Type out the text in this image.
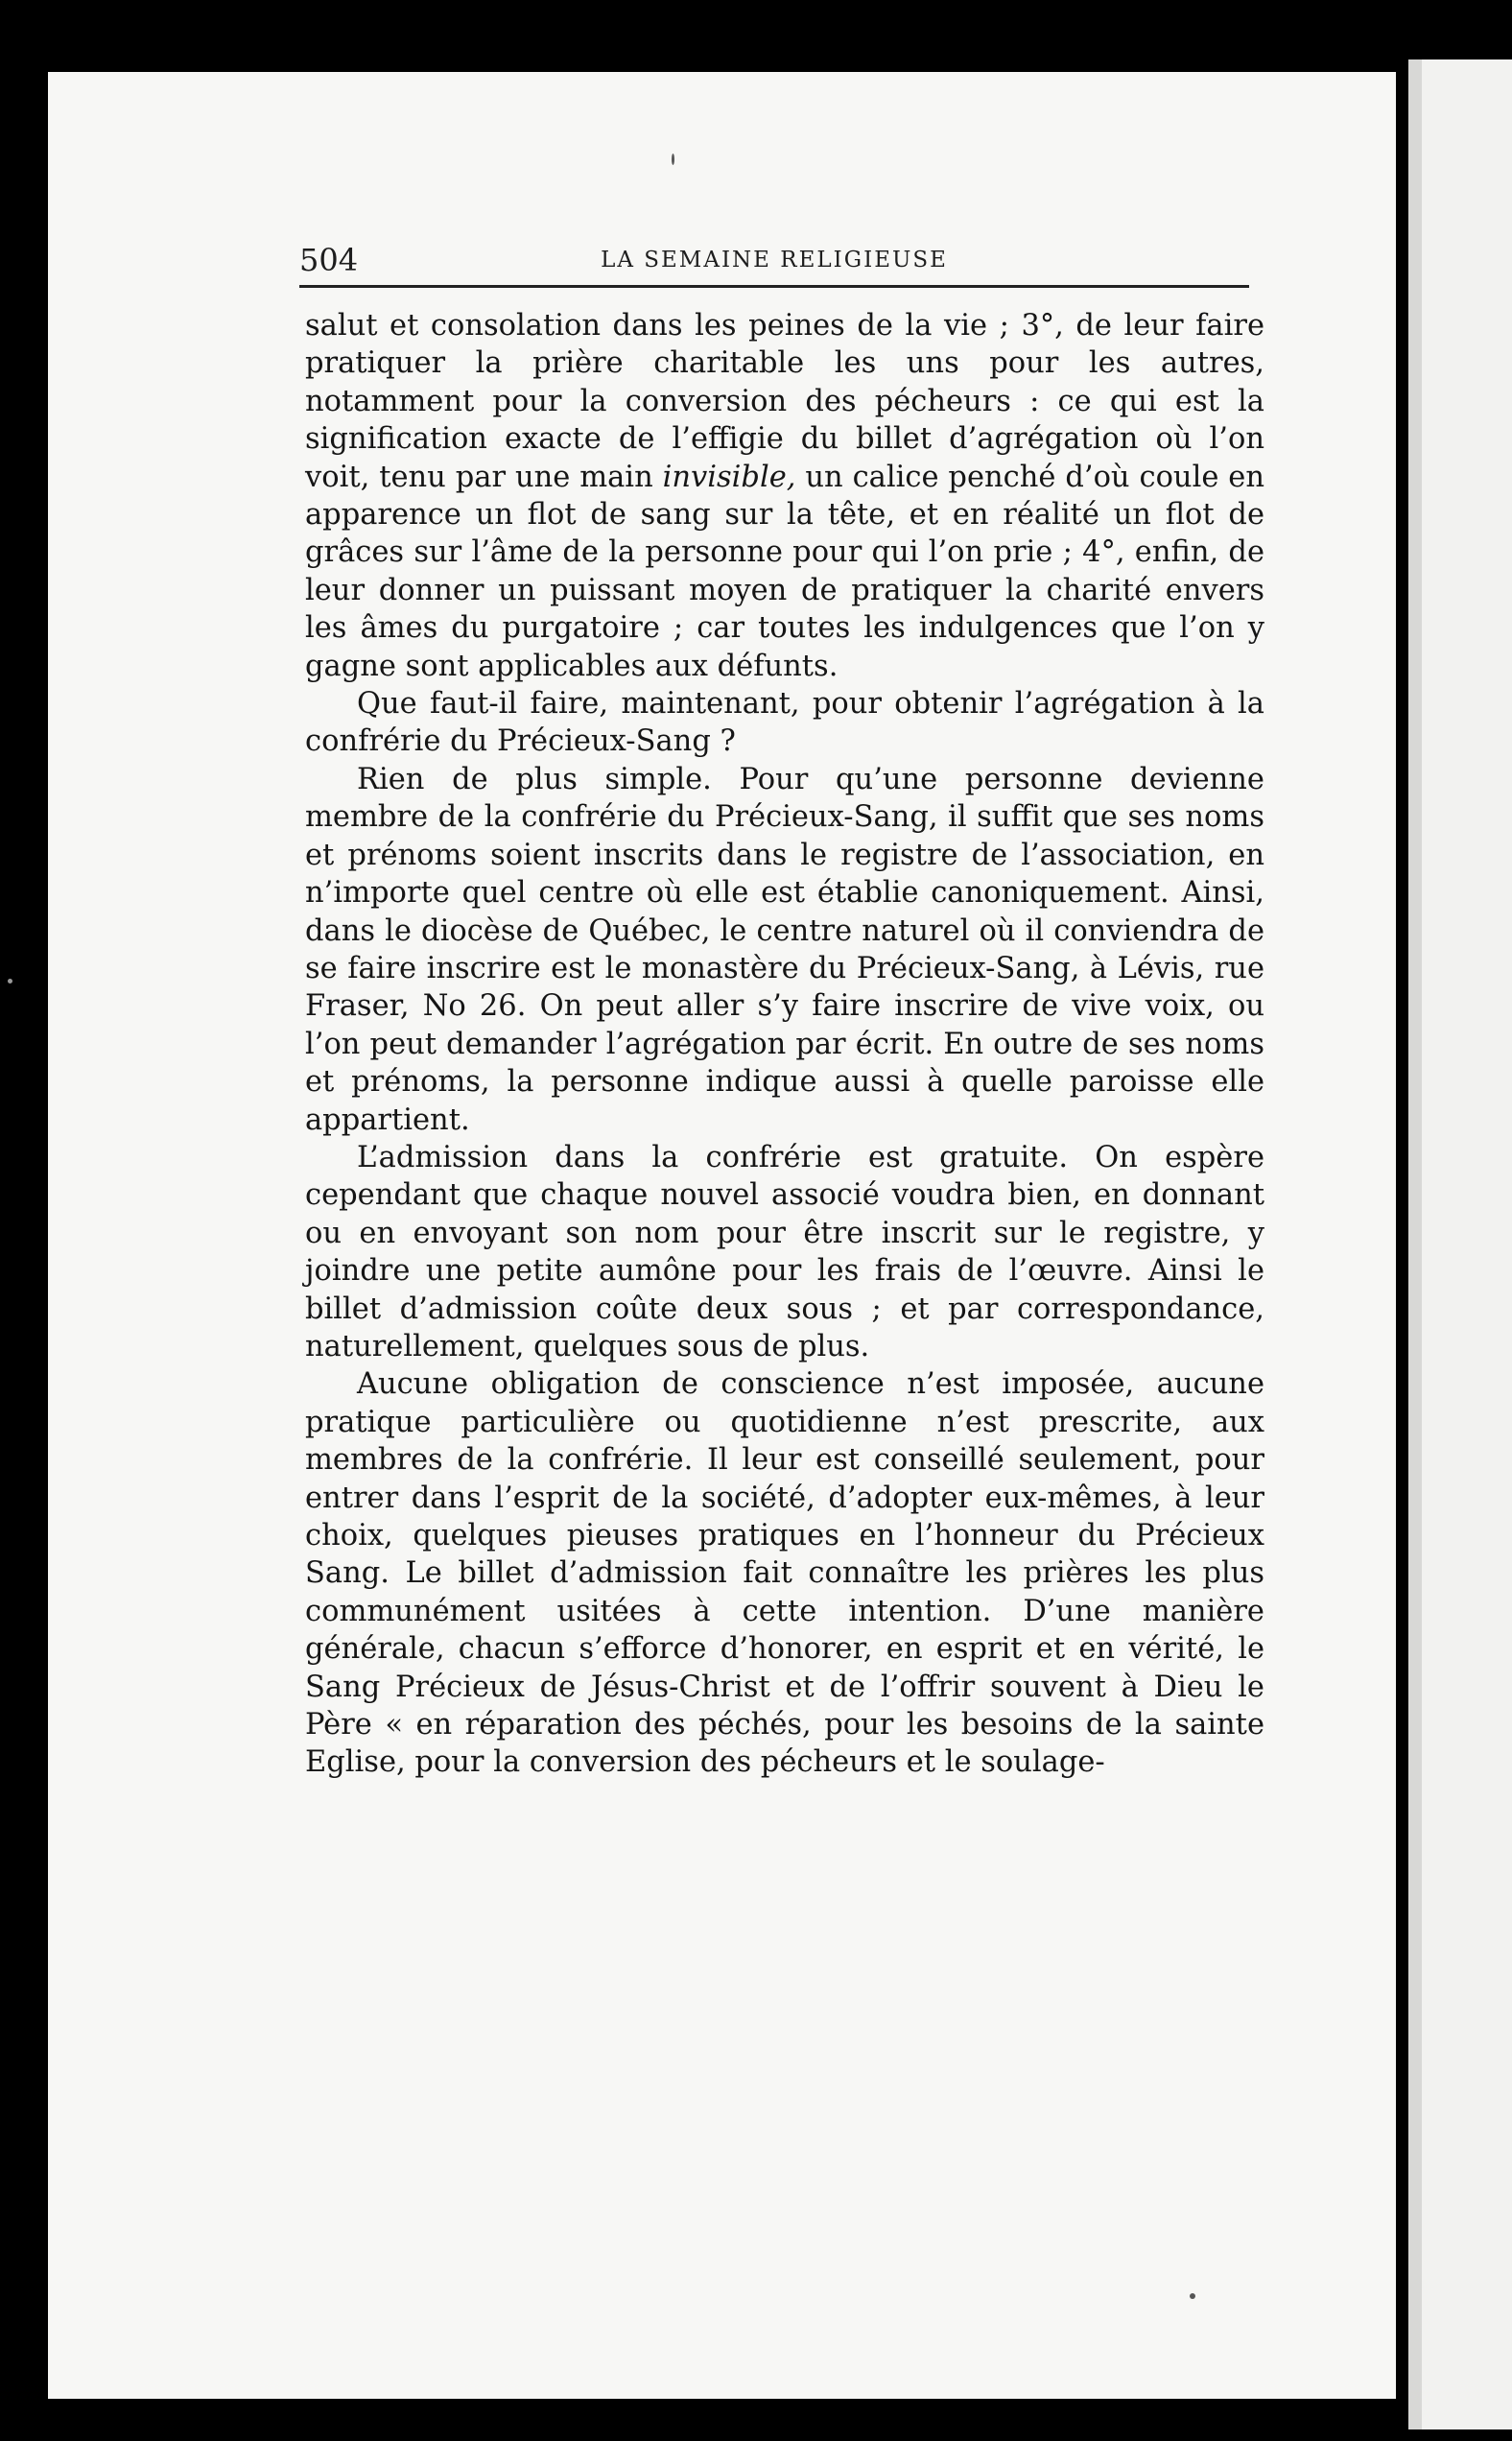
504	LA SEMAINE RELIGIEUSE

salut et consolation dans les peines de la vie ; 3°, de leur faire pratiquer la prière charitable les uns pour les autres, notamment pour la conversion des pécheurs : ce qui est la signification exacte de l’effigie du billet d’agrégation où l’on voit, tenu par une main invisible, un calice penché d’où coule en apparence un flot de sang sur la tête, et en réalité un flot de grâces sur l’âme de la personne pour qui l’on prie ; 4°, enfin, de leur donner un puissant moyen de pratiquer la charité envers les âmes du purgatoire ; car toutes les indulgences que l’on y gagne sont applicables aux défunts.

Que faut-il faire, maintenant, pour obtenir l’agrégation à la confrérie du Précieux-Sang ?

Rien de plus simple. Pour qu’une personne devienne membre de la confrérie du Précieux-Sang, il suffit que ses noms et prénoms soient inscrits dans le registre de l’association, en n’importe quel centre où elle est établie canoniquement. Ainsi, dans le diocèse de Québec, le centre naturel où il conviendra de se faire inscrire est le monastère du Précieux-Sang, à Lévis, rue Fraser, No 26. On peut aller s’y faire inscrire de vive voix, ou l’on peut demander l’agrégation par écrit. En outre de ses noms et prénoms, la personne indique aussi à quelle paroisse elle appartient.

L’admission dans la confrérie est gratuite. On espère cependant que chaque nouvel associé voudra bien, en donnant ou en envoyant son nom pour être inscrit sur le registre, y joindre une petite aumône pour les frais de l’œuvre. Ainsi le billet d’admission coûte deux sous ; et par correspondance, naturellement, quelques sous de plus.

Aucune obligation de conscience n’est imposée, aucune pratique particulière ou quotidienne n’est prescrite, aux membres de la confrérie. Il leur est conseillé seulement, pour entrer dans l’esprit de la société, d’adopter eux-mêmes, à leur choix, quelques pieuses pratiques en l’honneur du Précieux Sang. Le billet d’admission fait connaître les prières les plus communément usitées à cette intention. D’une manière générale, chacun s’efforce d’honorer, en esprit et en vérité, le Sang Précieux de Jésus-Christ et de l’offrir souvent à Dieu le Père « en réparation des péchés, pour les besoins de la sainte Eglise, pour la conversion des pécheurs et le soulage-
